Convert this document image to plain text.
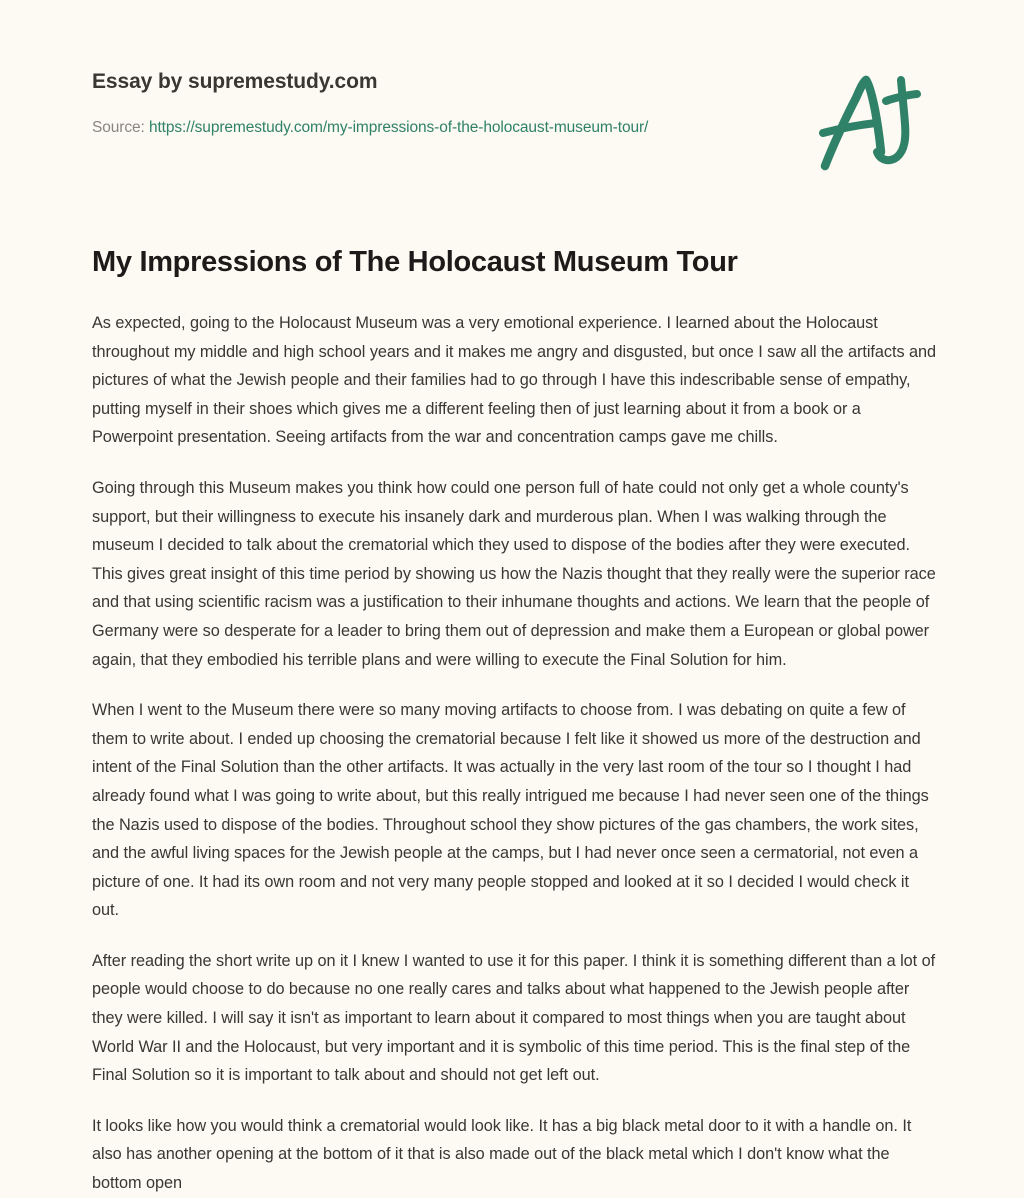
Essay by supremestudy.com
Source: https://supremestudy.com/my-impressions-of-the-holocaust-museum-tour/
My Impressions of The Holocaust Museum Tour

As expected, going to the Holocaust Museum was a very emotional experience. I learned about the Holocaust throughout my middle and high school years and it makes me angry and disgusted, but once I saw all the artifacts and pictures of what the Jewish people and their families had to go through I have this indescribable sense of empathy, putting myself in their shoes which gives me a different feeling then of just learning about it from a book or a Powerpoint presentation. Seeing artifacts from the war and concentration camps gave me chills.

Going through this Museum makes you think how could one person full of hate could not only get a whole county's support, but their willingness to execute his insanely dark and murderous plan. When I was walking through the museum I decided to talk about the crematorial which they used to dispose of the bodies after they were executed. This gives great insight of this time period by showing us how the Nazis thought that they really were the superior race and that using scientific racism was a justification to their inhumane thoughts and actions. We learn that the people of Germany were so desperate for a leader to bring them out of depression and make them a European or global power again, that they embodied his terrible plans and were willing to execute the Final Solution for him.

When I went to the Museum there were so many moving artifacts to choose from. I was debating on quite a few of them to write about. I ended up choosing the crematorial because I felt like it showed us more of the destruction and intent of the Final Solution than the other artifacts. It was actually in the very last room of the tour so I thought I had already found what I was going to write about, but this really intrigued me because I had never seen one of the things the Nazis used to dispose of the bodies. Throughout school they show pictures of the gas chambers, the work sites, and the awful living spaces for the Jewish people at the camps, but I had never once seen a cermatorial, not even a picture of one. It had its own room and not very many people stopped and looked at it so I decided I would check it out.

After reading the short write up on it I knew I wanted to use it for this paper. I think it is something different than a lot of people would choose to do because no one really cares and talks about what happened to the Jewish people after they were killed. I will say it isn't as important to learn about it compared to most things when you are taught about World War II and the Holocaust, but very important and it is symbolic of this time period. This is the final step of the Final Solution so it is important to talk about and should not get left out.

It looks like how you would think a crematorial would look like. It has a big black metal door to it with a handle on. It also has another opening at the bottom of it that is also made out of the black metal which I don't know what the bottom open
